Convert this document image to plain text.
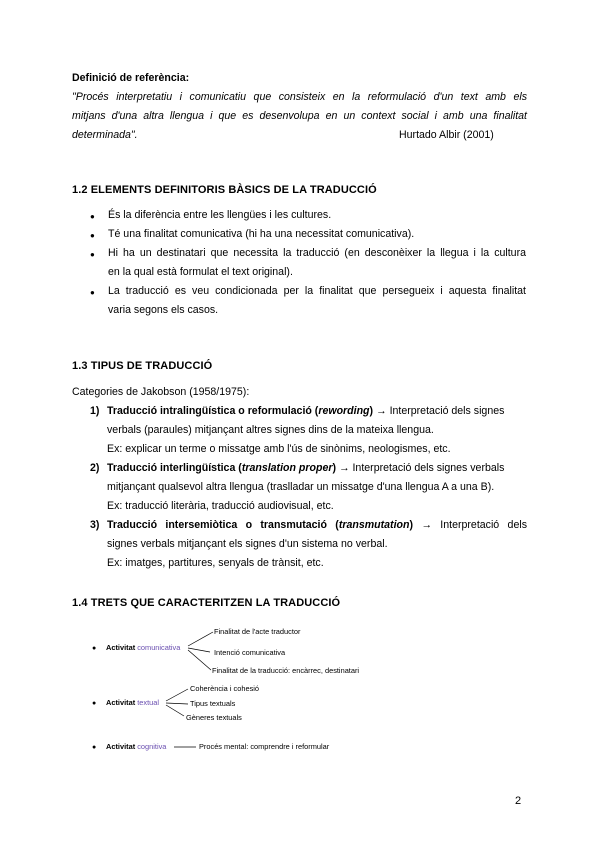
Definició de referència:
"Procés interpretatiu i comunicatiu que consisteix en la reformulació d'un text amb els
mitjans d'una altra llengua i que es desenvolupa en un context social i amb una finalitat
determinada".	Hurtado Albir (2001)
1.2 ELEMENTS DEFINITORIS BÀSICS DE LA TRADUCCIÓ
● És la diferència entre les llengües i les cultures.
● Té una finalitat comunicativa (hi ha una necessitat comunicativa).
● Hi ha un destinatari que necessita la traducció (en desconèixer la llegua i la cultura
en la qual està formulat el text original).
● La traducció es veu condicionada per la finalitat que persegueix i aquesta finalitat
varia segons els casos.
1.3 TIPUS DE TRADUCCIÓ
Categories de Jakobson (1958/1975):
1) Traducció intralingüística o reformulació (rewording) → Interpretació dels signes
verbals (paraules) mitjançant altres signes dins de la mateixa llengua.
Ex: explicar un terme o missatge amb l'ús de sinònims, neologismes, etc.
2) Traducció interlingüística (translation proper) → Interpretació dels signes verbals
mitjançant qualsevol altra llengua (traslladar un missatge d'una llengua A a una B).
Ex: traducció literària, traducció audiovisual, etc.
3) Traducció intersemiòtica o transmutació (transmutation) → Interpretació dels
signes verbals mitjançant els signes d'un sistema no verbal.
Ex: imatges, partitures, senyals de trànsit, etc.
1.4 TRETS QUE CARACTERITZEN LA TRADUCCIÓ
● Activitat comunicativa
Finalitat de l'acte traductor
Intenció comunicativa
Finalitat de la traducció: encàrrec, destinatari
● Activitat textual
Coherència i cohesió
Tipus textuals
Gèneres textuals
● Activitat cognitiva	Procés mental: comprendre i reformular
2
